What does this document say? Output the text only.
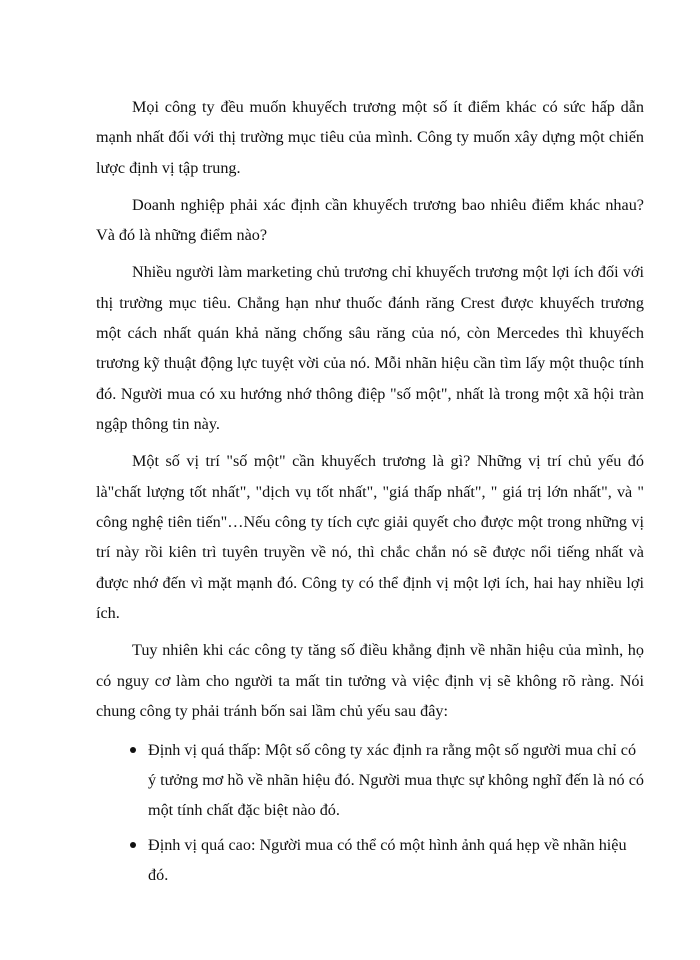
Mọi công ty đều muốn khuyếch trương một số ít điểm khác có sức hấp dẫn mạnh nhất đối với thị trường mục tiêu của mình. Công ty muốn xây dựng một chiến lược định vị tập trung.

Doanh nghiệp phải xác định cần khuyếch trương bao nhiêu điểm khác nhau? Và đó là những điểm nào?

Nhiều người làm marketing chủ trương chỉ khuyếch trương một lợi ích đối với thị trường mục tiêu. Chẳng hạn như thuốc đánh răng Crest được khuyếch trương một cách nhất quán khả năng chống sâu răng của nó, còn Mercedes thì khuyếch trương kỹ thuật động lực tuyệt vời của nó. Mỗi nhãn hiệu cần tìm lấy một thuộc tính đó. Người mua có xu hướng nhớ thông điệp "số một", nhất là trong một xã hội tràn ngập thông tin này.

Một số vị trí "số một" cần khuyếch trương là gì? Những vị trí chủ yếu đó là"chất lượng tốt nhất", "dịch vụ tốt nhất", "giá thấp nhất", " giá trị lớn nhất", và " công nghệ tiên tiến"…Nếu công ty tích cực giải quyết cho được một trong những vị trí này rồi kiên trì tuyên truyền về nó, thì chắc chắn nó sẽ được nổi tiếng nhất và được nhớ đến vì mặt mạnh đó. Công ty có thể định vị một lợi ích, hai hay nhiều lợi ích.

Tuy nhiên khi các công ty tăng số điều khẳng định về nhãn hiệu của mình, họ có nguy cơ làm cho người ta mất tin tưởng và việc định vị sẽ không rõ ràng. Nói chung công ty phải tránh bốn sai lầm chủ yếu sau đây:

Định vị quá thấp: Một số công ty xác định ra rằng một số người mua chỉ có ý tưởng mơ hồ về nhãn hiệu đó. Người mua thực sự không nghĩ đến là nó có một tính chất đặc biệt nào đó.
Định vị quá cao: Người mua có thể có một hình ảnh quá hẹp về nhãn hiệu đó.
